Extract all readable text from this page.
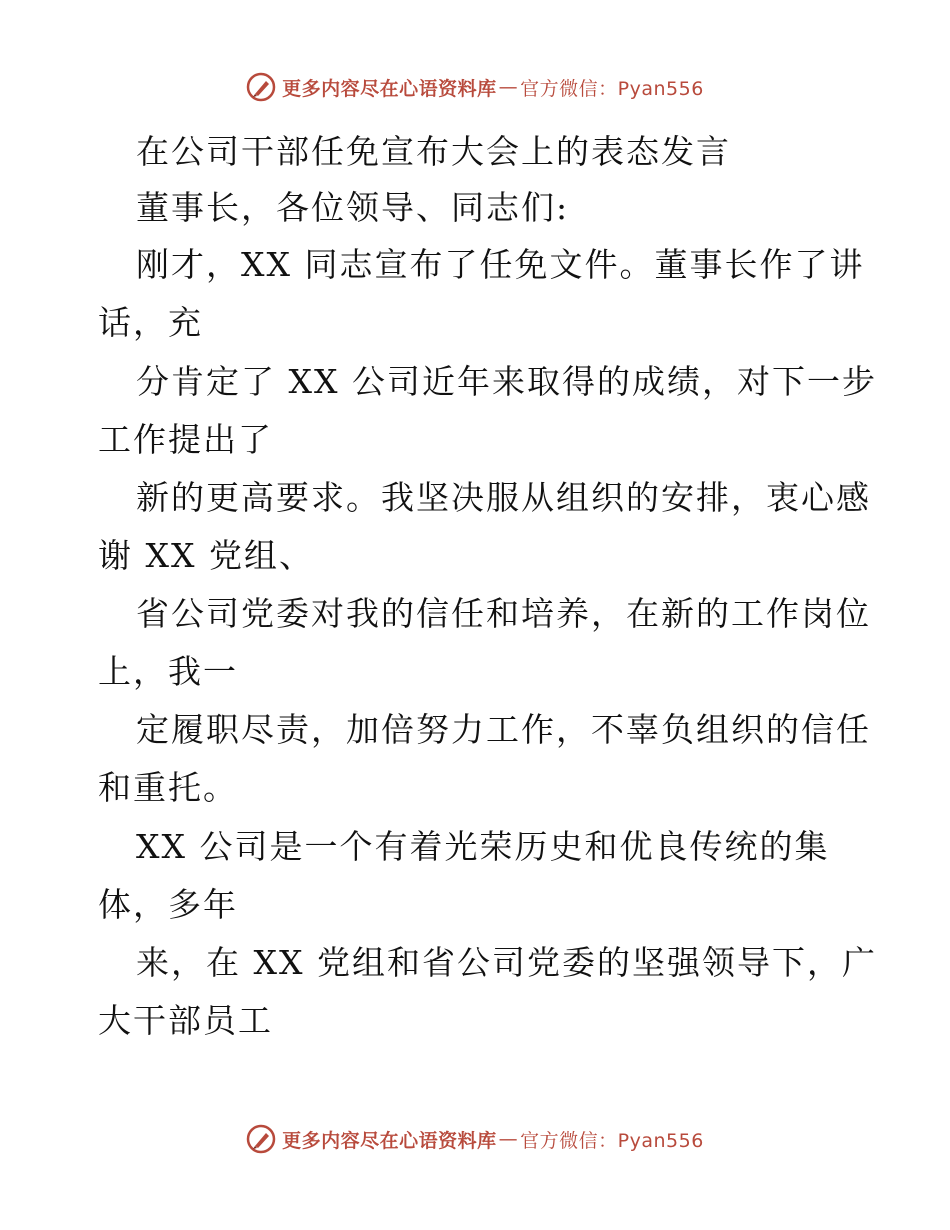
更多内容尽在心语资料库 — 官方微信：Pyan556
在公司干部任免宣布大会上的表态发言
董事长，各位领导、同志们:
刚才，XX 同志宣布了任免文件。董事长作了讲
话，充
分肯定了 XX 公司近年来取得的成绩，对下一步
工作提出了
新的更高要求。我坚决服从组织的安排，衷心感
谢 XX 党组、
省公司党委对我的信任和培养，在新的工作岗位
上，我一
定履职尽责，加倍努力工作，不辜负组织的信任
和重托。
XX 公司是一个有着光荣历史和优良传统的集
体，多年
来，在 XX 党组和省公司党委的坚强领导下，广
大干部员工
更多内容尽在心语资料库 — 官方微信：Pyan556
